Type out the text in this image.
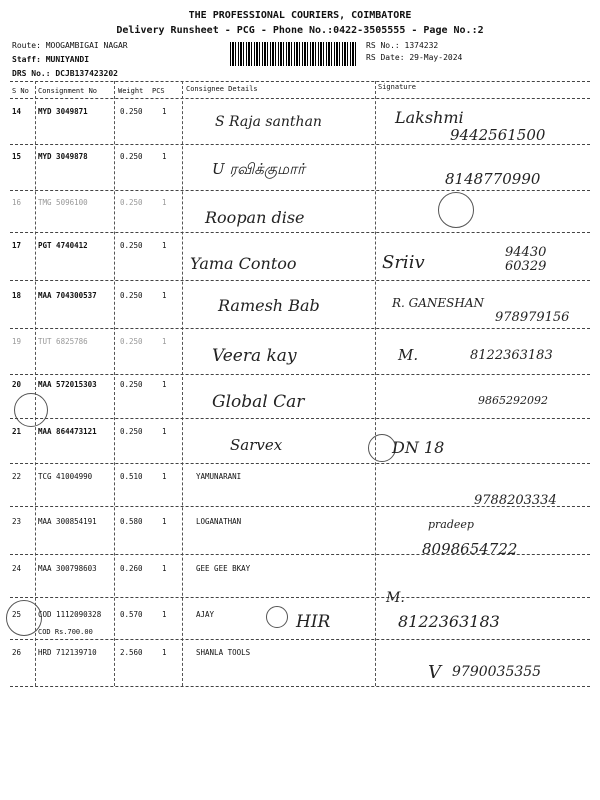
THE PROFESSIONAL COURIERS, COIMBATORE
Delivery Runsheet - PCG - Phone No.:0422-3505555 - Page No.:2
Route: MOOGAMBIGAI NAGAR
Staff: MUNIYANDI
DRS No.: DCJB137423202
RS No.: 1374232
RS Date: 29-May-2024
S No Consignment No	Weight PCS	Consignee Details	Signature
14 MYD 3049871	0.250	1
S Raja santhan	Lakshmi
9442561500
15 MYD 3049878	0.250	1
U ரவிக்குமார்
8148770990
16 TMG 5096100	0.250	1
Roopan dise
17 PGT 4740412	0.250	1
Yama Contoo	Sriiv	94430 60329
18 MAA 704300537	0.250	1
Ramesh Bab	R. GANESHAN
978979156
19 TUT 6825786	0.250	1
Veera kay	M.	8122363183
20 MAA 572015303	0.250	1
Global Car	9865292092
21 MAA 864473121	0.250	1
Sarvex	DN 18
22 TCG 41004990	0.510	1	YAMUNARANI
9788203334
23 MAA 300854191	0.580	1	LOGANATHAN	pradeep
8098654722
24 MAA 300798603	0.260	1	GEE GEE BKAY
25 COD 1112090328	0.570	1	AJAY
COD Rs.700.00	HIR
M.
8122363183
26 HRD 712139710	2.560	1	SHANLA TOOLS
V 9790035355
